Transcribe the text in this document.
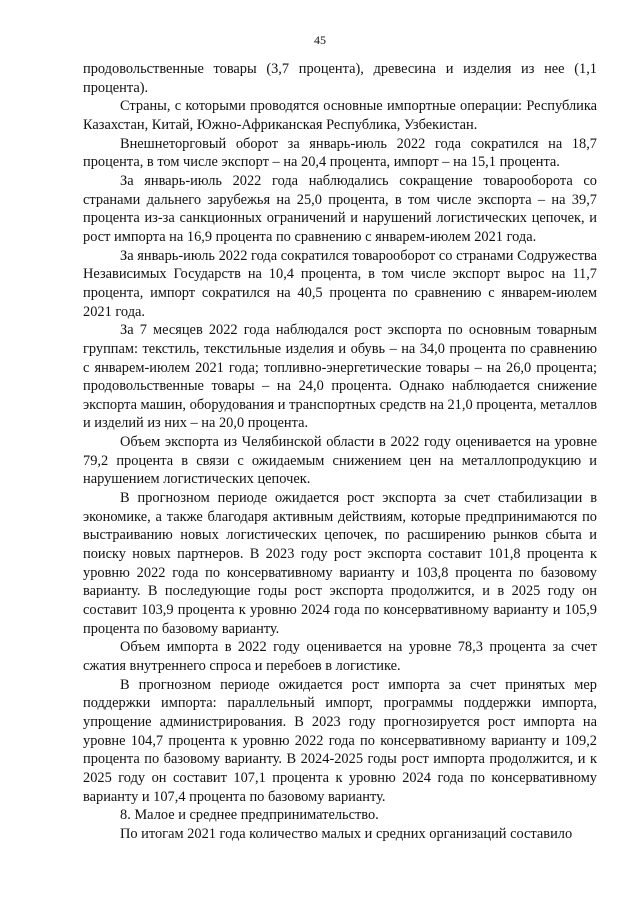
45

продовольственные товары (3,7 процента), древесина и изделия из нее (1,1 процента).

Страны, с которыми проводятся основные импортные операции: Республика Казахстан, Китай, Южно-Африканская Республика, Узбекистан.

Внешнеторговый оборот за январь-июль 2022 года сократился на 18,7 процента, в том числе экспорт – на 20,4 процента, импорт – на 15,1 процента.

За январь-июль 2022 года наблюдались сокращение товарооборота со странами дальнего зарубежья на 25,0 процента, в том числе экспорта – на 39,7 процента из-за санкционных ограничений и нарушений логистических цепочек, и рост импорта на 16,9 процента по сравнению с январем-июлем 2021 года.

За январь-июль 2022 года сократился товарооборот со странами Содружества Независимых Государств на 10,4 процента, в том числе экспорт вырос на 11,7 процента, импорт сократился на 40,5 процента по сравнению с январем-июлем 2021 года.

За 7 месяцев 2022 года наблюдался рост экспорта по основным товарным группам: текстиль, текстильные изделия и обувь – на 34,0 процента по сравнению с январем-июлем 2021 года; топливно-энергетические товары – на 26,0 процента; продовольственные товары – на 24,0 процента. Однако наблюдается снижение экспорта машин, оборудования и транспортных средств на 21,0 процента, металлов и изделий из них – на 20,0 процента.

Объем экспорта из Челябинской области в 2022 году оценивается на уровне 79,2 процента в связи с ожидаемым снижением цен на металлопродукцию и нарушением логистических цепочек.

В прогнозном периоде ожидается рост экспорта за счет стабилизации в экономике, а также благодаря активным действиям, которые предпринимаются по выстраиванию новых логистических цепочек, по расширению рынков сбыта и поиску новых партнеров. В 2023 году рост экспорта составит 101,8 процента к уровню 2022 года по консервативному варианту и 103,8 процента по базовому варианту. В последующие годы рост экспорта продолжится, и в 2025 году он составит 103,9 процента к уровню 2024 года по консервативному варианту и 105,9 процента по базовому варианту.

Объем импорта в 2022 году оценивается на уровне 78,3 процента за счет сжатия внутреннего спроса и перебоев в логистике.

В прогнозном периоде ожидается рост импорта за счет принятых мер поддержки импорта: параллельный импорт, программы поддержки импорта, упрощение администрирования. В 2023 году прогнозируется рост импорта на уровне 104,7 процента к уровню 2022 года по консервативному варианту и 109,2 процента по базовому варианту. В 2024-2025 годы рост импорта продолжится, и к 2025 году он составит 107,1 процента к уровню 2024 года по консервативному варианту и 107,4 процента по базовому варианту.

8. Малое и среднее предпринимательство.

По итогам 2021 года количество малых и средних организаций составило
